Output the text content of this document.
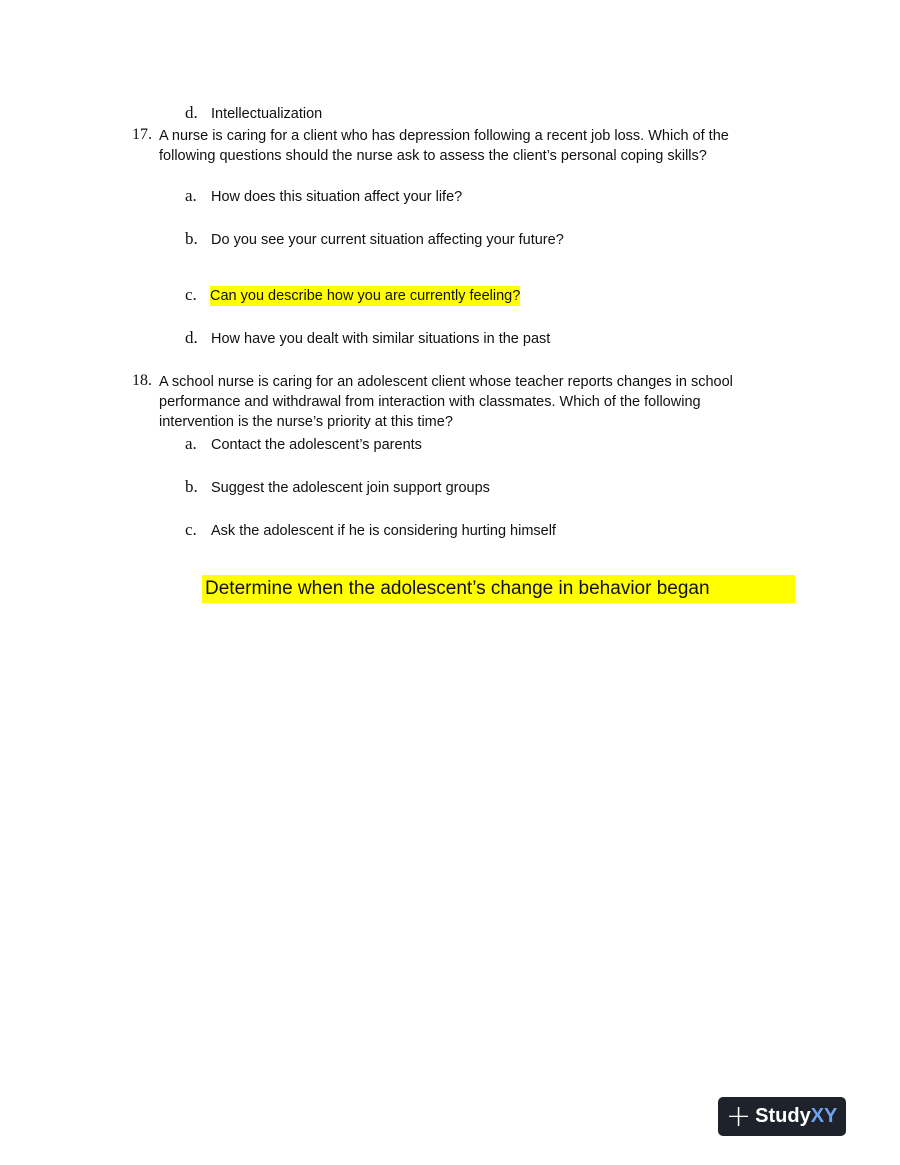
d. Intellectualization
17. A nurse is caring for a client who has depression following a recent job loss. Which of the
following questions should the nurse ask to assess the client’s personal coping skills?
a. How does this situation affect your life?
b. Do you see your current situation affecting your future?
c. Can you describe how you are currently feeling?
d. How have you dealt with similar situations in the past
18. A school nurse is caring for an adolescent client whose teacher reports changes in school
performance and withdrawal from interaction with classmates. Which of the following
intervention is the nurse’s priority at this time?
a. Contact the adolescent’s parents
b. Suggest the adolescent join support groups
c. Ask the adolescent if he is considering hurting himself
Determine when the adolescent’s change in behavior began
+ StudyXY
